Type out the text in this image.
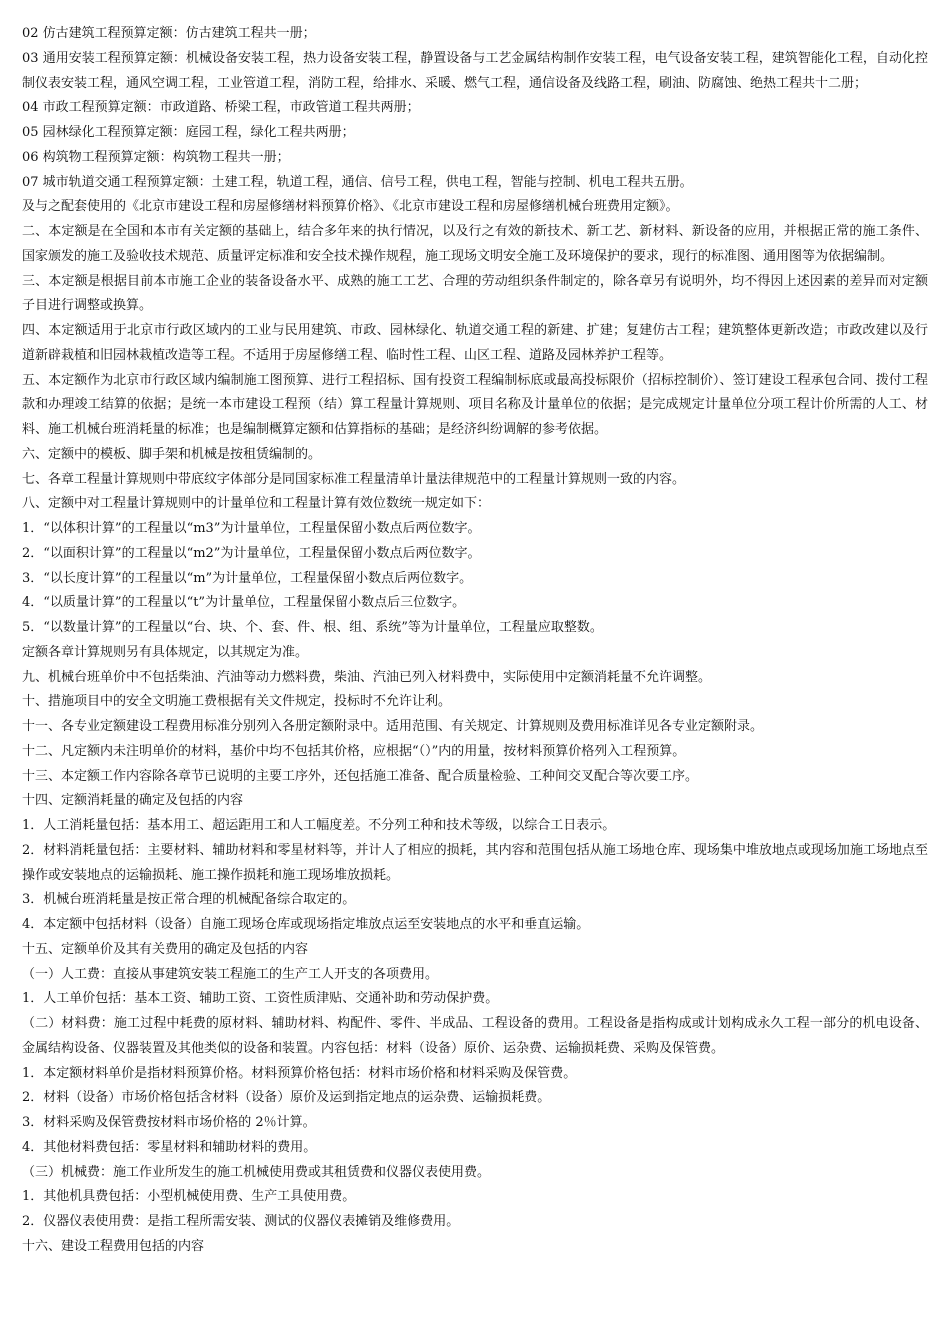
02 仿古建筑工程预算定额：仿古建筑工程共一册；

03 通用安装工程预算定额：机械设备安装工程，热力设备安装工程，静置设备与工艺金属结构制作安装工程，电气设备安装工程，建筑智能化工程，自动化控制仪表安装工程，通风空调工程，工业管道工程，消防工程，给排水、采暖、燃气工程，通信设备及线路工程，刷油、防腐蚀、绝热工程共十二册；

04 市政工程预算定额：市政道路、桥梁工程，市政管道工程共两册；

05 园林绿化工程预算定额：庭园工程，绿化工程共两册；

06 构筑物工程预算定额：构筑物工程共一册；

07 城市轨道交通工程预算定额：土建工程，轨道工程，通信、信号工程，供电工程，智能与控制、机电工程共五册。

及与之配套使用的《北京市建设工程和房屋修缮材料预算价格》、《北京市建设工程和房屋修缮机械台班费用定额》。

二、本定额是在全国和本市有关定额的基础上，结合多年来的执行情况，以及行之有效的新技术、新工艺、新材料、新设备的应用，并根据正常的施工条件、国家颁发的施工及验收技术规范、质量评定标准和安全技术操作规程，施工现场文明安全施工及环境保护的要求，现行的标准图、通用图等为依据编制。

三、本定额是根据目前本市施工企业的装备设备水平、成熟的施工工艺、合理的劳动组织条件制定的，除各章另有说明外，均不得因上述因素的差异而对定额子目进行调整或换算。

四、本定额适用于北京市行政区域内的工业与民用建筑、市政、园林绿化、轨道交通工程的新建、扩建；复建仿古工程；建筑整体更新改造；市政改建以及行道新辟栽植和旧园林栽植改造等工程。不适用于房屋修缮工程、临时性工程、山区工程、道路及园林养护工程等。

五、本定额作为北京市行政区域内编制施工图预算、进行工程招标、国有投资工程编制标底或最高投标限价（招标控制价）、签订建设工程承包合同、拨付工程款和办理竣工结算的依据；是统一本市建设工程预（结）算工程量计算规则、项目名称及计量单位的依据；是完成规定计量单位分项工程计价所需的人工、材料、施工机械台班消耗量的标准；也是编制概算定额和估算指标的基础；是经济纠纷调解的参考依据。

六、定额中的模板、脚手架和机械是按租赁编制的。

七、各章工程量计算规则中带底纹字体部分是同国家标准工程量清单计量法律规范中的工程量计算规则一致的内容。

八、定额中对工程量计算规则中的计量单位和工程量计算有效位数统一规定如下：

1．“以体积计算”的工程量以“m3”为计量单位，工程量保留小数点后两位数字。

2．“以面积计算”的工程量以“m2”为计量单位，工程量保留小数点后两位数字。

3．“以长度计算”的工程量以“m”为计量单位，工程量保留小数点后两位数字。

4．“以质量计算”的工程量以“t”为计量单位，工程量保留小数点后三位数字。

5．“以数量计算”的工程量以“台、块、个、套、件、根、组、系统”等为计量单位，工程量应取整数。

定额各章计算规则另有具体规定，以其规定为准。

九、机械台班单价中不包括柴油、汽油等动力燃料费，柴油、汽油已列入材料费中，实际使用中定额消耗量不允许调整。

十、措施项目中的安全文明施工费根据有关文件规定，投标时不允许让利。

十一、各专业定额建设工程费用标准分别列入各册定额附录中。适用范围、有关规定、计算规则及费用标准详见各专业定额附录。

十二、凡定额内未注明单价的材料，基价中均不包括其价格，应根据“（）”内的用量，按材料预算价格列入工程预算。

十三、本定额工作内容除各章节已说明的主要工序外，还包括施工准备、配合质量检验、工种间交叉配合等次要工序。

十四、定额消耗量的确定及包括的内容

1．人工消耗量包括：基本用工、超运距用工和人工幅度差。不分列工种和技术等级，以综合工日表示。

2．材料消耗量包括：主要材料、辅助材料和零星材料等，并计人了相应的损耗，其内容和范围包括从施工场地仓库、现场集中堆放地点或现场加施工场地点至操作或安装地点的运输损耗、施工操作损耗和施工现场堆放损耗。

3．机械台班消耗量是按正常合理的机械配备综合取定的。

4．本定额中包括材料（设备）自施工现场仓库或现场指定堆放点运至安装地点的水平和垂直运输。

十五、定额单价及其有关费用的确定及包括的内容

（一）人工费：直接从事建筑安装工程施工的生产工人开支的各项费用。

1．人工单价包括：基本工资、辅助工资、工资性质津贴、交通补助和劳动保护费。

（二）材料费：施工过程中耗费的原材料、辅助材料、构配件、零件、半成品、工程设备的费用。工程设备是指构成或计划构成永久工程一部分的机电设备、金属结构设备、仪器装置及其他类似的设备和装置。内容包括：材料（设备）原价、运杂费、运输损耗费、采购及保管费。

1．本定额材料单价是指材料预算价格。材料预算价格包括：材料市场价格和材料采购及保管费。

2．材料（设备）市场价格包括含材料（设备）原价及运到指定地点的运杂费、运输损耗费。

3．材料采购及保管费按材料市场价格的 2％计算。

4．其他材料费包括：零星材料和辅助材料的费用。

（三）机械费：施工作业所发生的施工机械使用费或其租赁费和仪器仪表使用费。

1．其他机具费包括：小型机械使用费、生产工具使用费。

2．仪器仪表使用费：是指工程所需安装、测试的仪器仪表摊销及维修费用。

十六、建设工程费用包括的内容
